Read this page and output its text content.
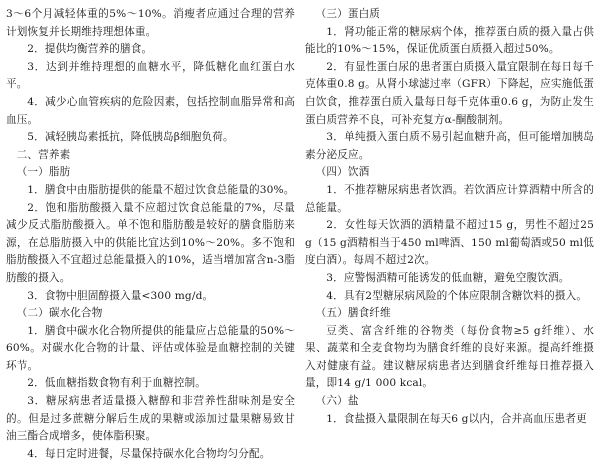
3～6个月减轻体重的5%～10%。消瘦者应通过合理的营养计划恢复并长期维持理想体重。

2．提供均衡营养的膳食。

3．达到并维持理想的血糖水平，降低糖化血红蛋白水平。

4．减少心血管疾病的危险因素，包括控制血脂异常和高血压。

5．减轻胰岛素抵抗，降低胰岛β细胞负荷。

二、营养素

（一）脂肪

1．膳食中由脂肪提供的能量不超过饮食总能量的30%。

2．饱和脂肪酸摄入量不应超过饮食总能量的7%，尽量减少反式脂肪酸摄入。单不饱和脂肪酸是较好的膳食脂肪来源，在总脂肪摄入中的供能比宜达到10%～20%。多不饱和脂肪酸摄入不宜超过总能量摄入的10%，适当增加富含n-3脂肪酸的摄入。

3．食物中胆固醇摄入量<300 mg/d。

（二）碳水化合物

1．膳食中碳水化合物所提供的能量应占总能量的50%～60%。对碳水化合物的计量、评估或体验是血糖控制的关键环节。

2．低血糖指数食物有利于血糖控制。

3．糖尿病患者适量摄入糖醇和非营养性甜味剂是安全的。但是过多蔗糖分解后生成的果糖或添加过量果糖易致甘油三酯合成增多，使体脂积聚。

4．每日定时进餐，尽量保持碳水化合物均匀分配。

（三）蛋白质

1．肾功能正常的糖尿病个体，推荐蛋白质的摄入量占供能比的10%～15%，保证优质蛋白质摄入超过50%。

2．有显性蛋白尿的患者蛋白质摄入量宜限制在每日每千克体重0.8 g。从肾小球滤过率（GFR）下降起，应实施低蛋白饮食，推荐蛋白质入量每日每千克体重0.6 g，为防止发生蛋白质营养不良，可补充复方α-酮酸制剂。

3．单纯摄入蛋白质不易引起血糖升高，但可能增加胰岛素分泌反应。

（四）饮酒

1．不推荐糖尿病患者饮酒。若饮酒应计算酒精中所含的总能量。

2．女性每天饮酒的酒精量不超过15 g，男性不超过25 g（15 g酒精相当于450 ml啤酒、150 ml葡萄酒或50 ml低度白酒）。每周不超过2次。

3．应警惕酒精可能诱发的低血糖，避免空腹饮酒。

4．具有2型糖尿病风险的个体应限制含糖饮料的摄入。

（五）膳食纤维

豆类、富含纤维的谷物类（每份食物≥5 g纤维）、水果、蔬菜和全麦食物均为膳食纤维的良好来源。提高纤维摄入对健康有益。建议糖尿病患者达到膳食纤维每日推荐摄入量，即14 g/1 000 kcal。

（六）盐

1．食盐摄入量限制在每天6 g以内，合并高血压患者更
